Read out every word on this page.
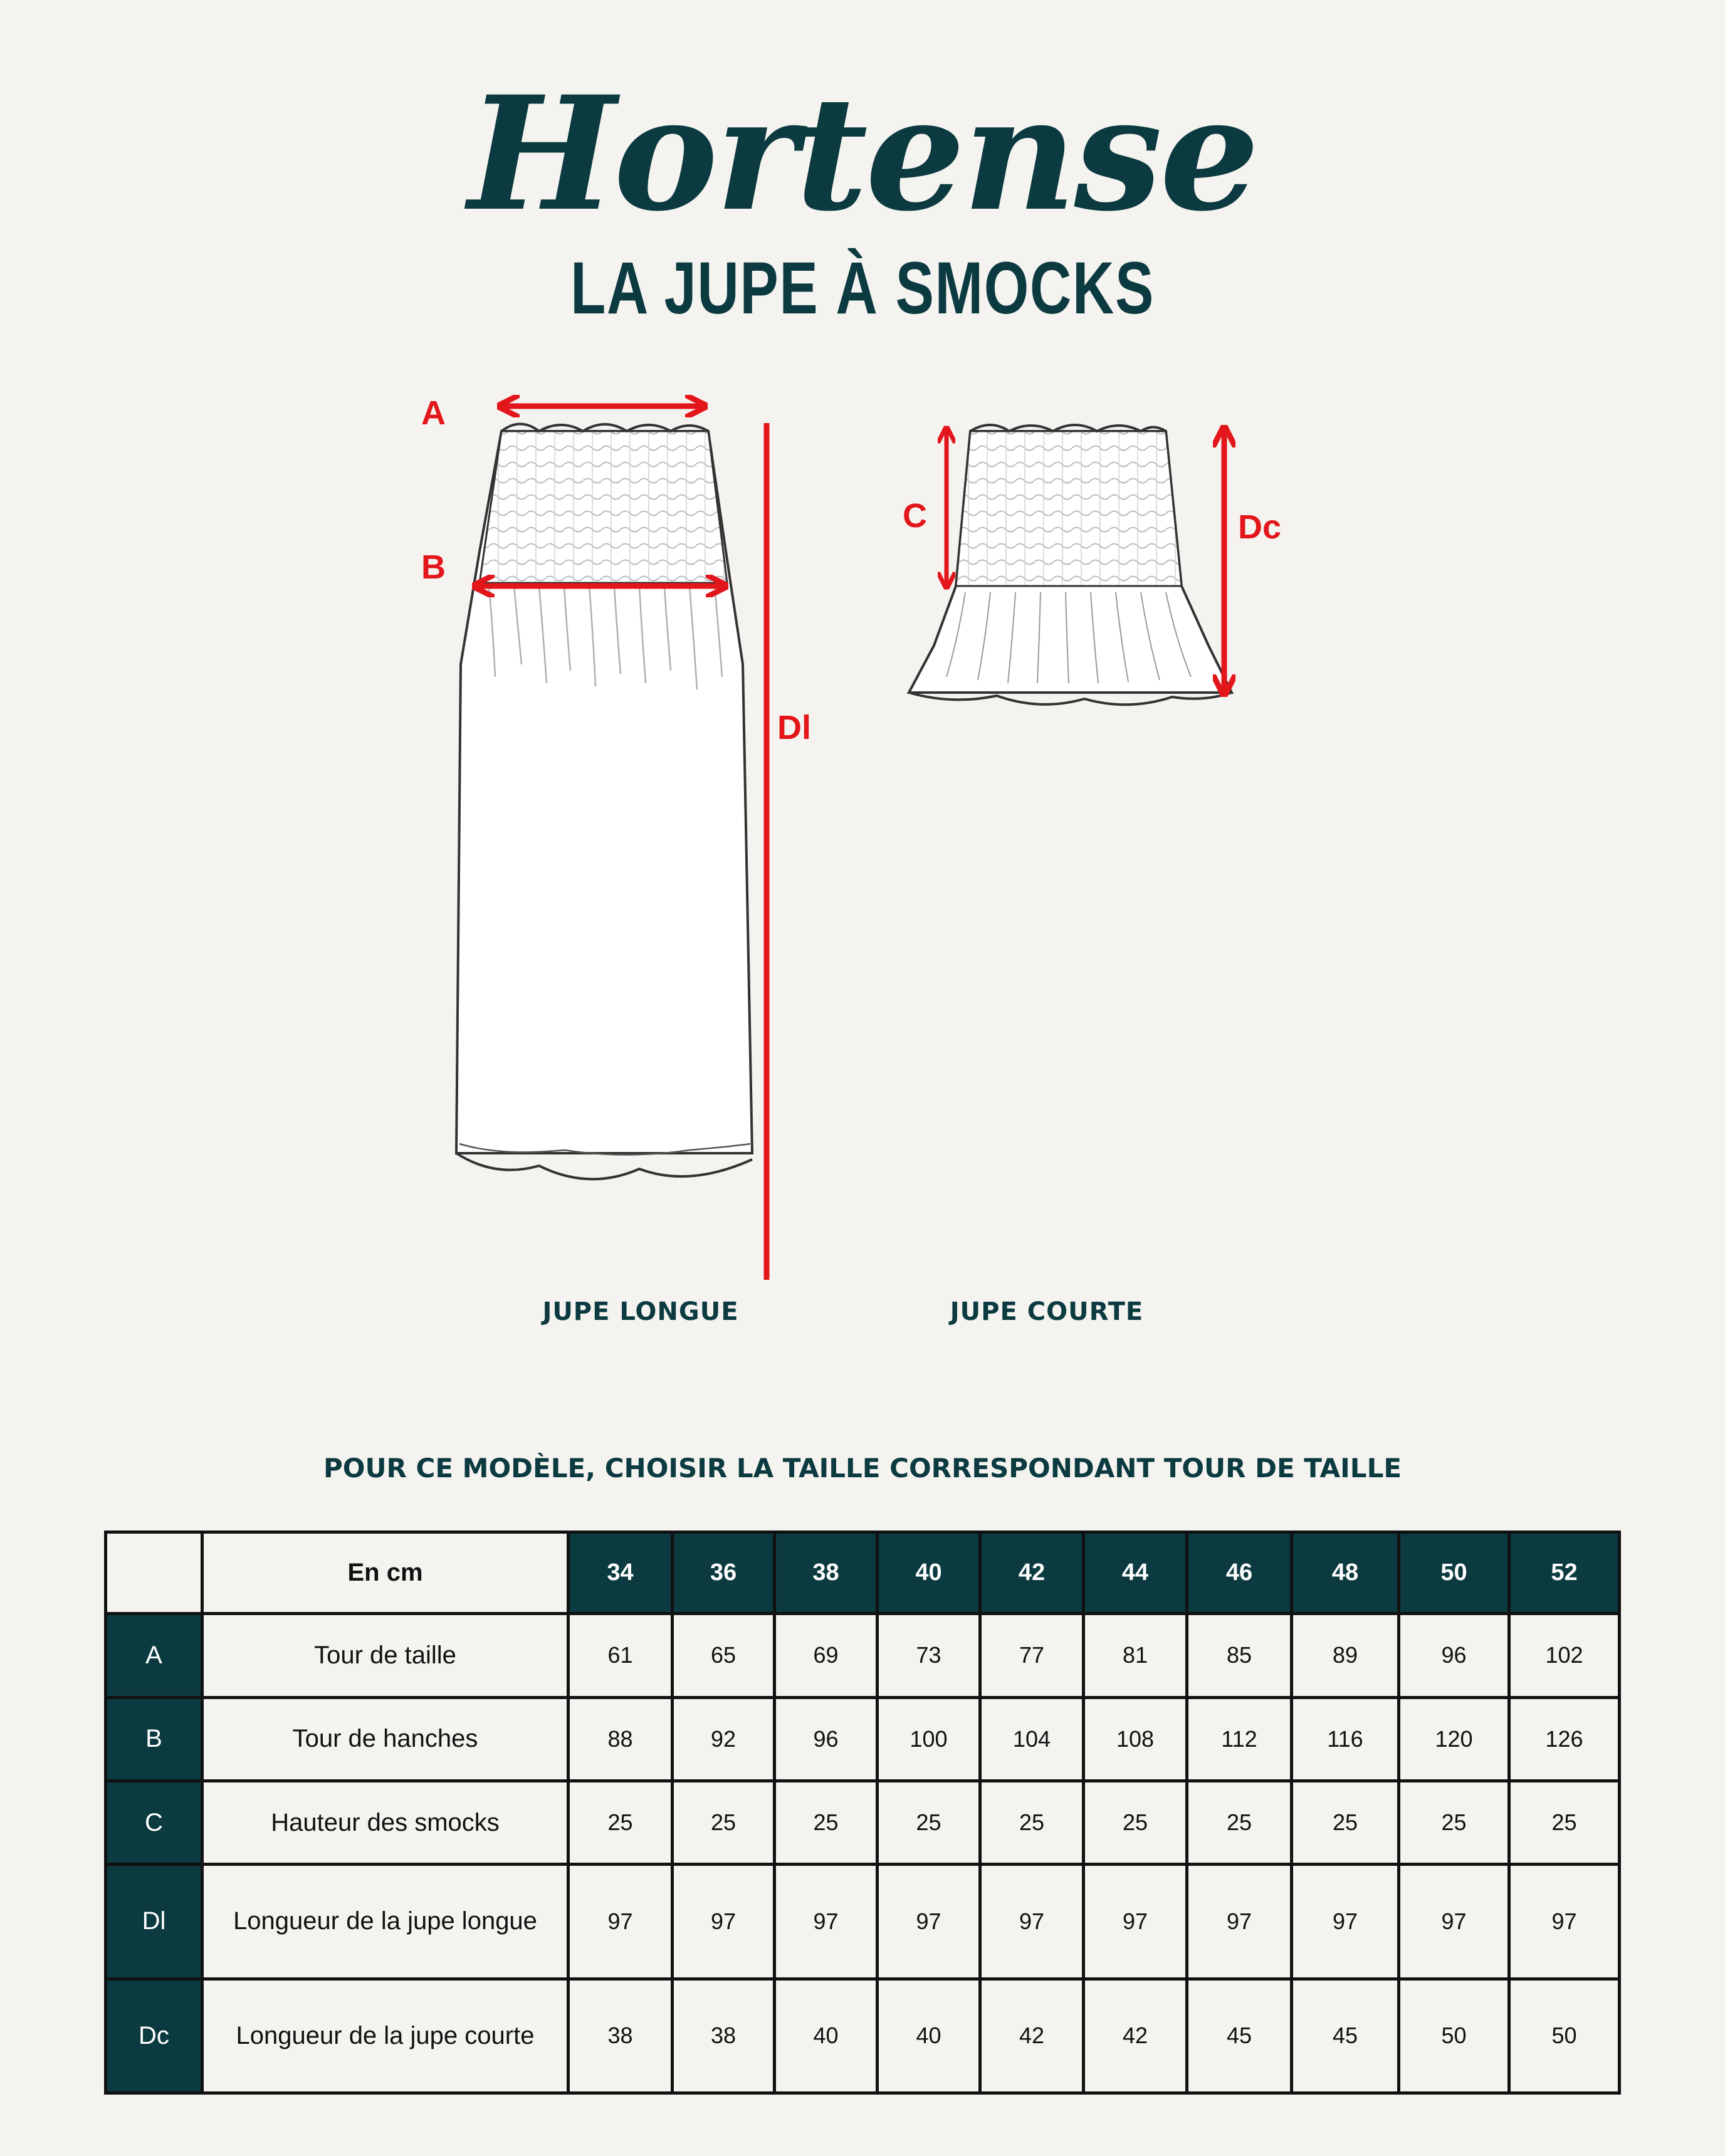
Hortense
LA JUPE À SMOCKS
A
B
Dl
C	Dc
JUPE LONGUE	JUPE COURTE
POUR CE MODÈLE, CHOISIR LA TAILLE CORRESPONDANT TOUR DE TAILLE
	En cm	34	36	38	40	42	44	46	48	50	52
A	Tour de taille	61	65	69	73	77	81	85	89	96	102
B	Tour de hanches	88	92	96	100	104	108	112	116	120	126
C	Hauteur des smocks	25	25	25	25	25	25	25	25	25	25
Dl	Longueur de la jupe longue	97	97	97	97	97	97	97	97	97	97
Dc	Longueur de la jupe courte	38	38	40	40	42	42	45	45	50	50
